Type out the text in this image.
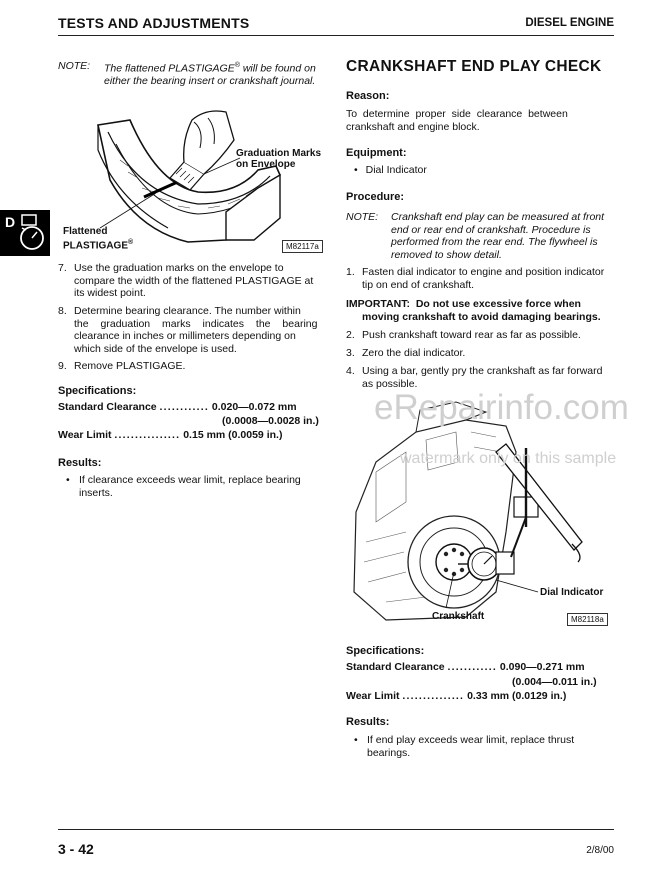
TESTS AND ADJUSTMENTS	DIESEL ENGINE
D
NOTE: The flattened PLASTIGAGE® will be found on
either the bearing insert or crankshaft journal.
Graduation Marks
on Envelope
Flattened
PLASTIGAGE®	M82117a
7. Use the graduation marks on the envelope to
compare the width of the flattened PLASTIGAGE at
its widest point.
8. Determine bearing clearance. The number within
the graduation marks indicates the bearing
clearance in inches or millimeters depending on
which side of the envelope is used.
9. Remove PLASTIGAGE.
Specifications:
Standard Clearance ............ 0.020—0.072 mm
(0.0008—0.0028 in.)
Wear Limit ................ 0.15 mm (0.0059 in.)
Results:
• If clearance exceeds wear limit, replace bearing
inserts.
CRANKSHAFT END PLAY CHECK
Reason:
To  determine  proper  side  clearance  between
crankshaft and engine block.
Equipment:
• Dial Indicator
Procedure:
NOTE: Crankshaft end play can be measured at front
end or rear end of crankshaft. Procedure is
performed from the rear end. The flywheel is
removed to show detail.
1. Fasten dial indicator to engine and position indicator
tip on end of crankshaft.
IMPORTANT: Do not use excessive force when
moving crankshaft to avoid damaging bearings.
2. Push crankshaft toward rear as far as possible.
3. Zero the dial indicator.
4. Using a bar, gently pry the crankshaft as far forward
as possible.
Dial Indicator
Crankshaft	M82118a
Specifications:
Standard Clearance ............ 0.090—0.271 mm
(0.004—0.011 in.)
Wear Limit ............... 0.33 mm (0.0129 in.)
Results:
• If end play exceeds wear limit, replace thrust
bearings.
eRepairinfo.com
watermark only on this sample
3 - 42	2/8/00
